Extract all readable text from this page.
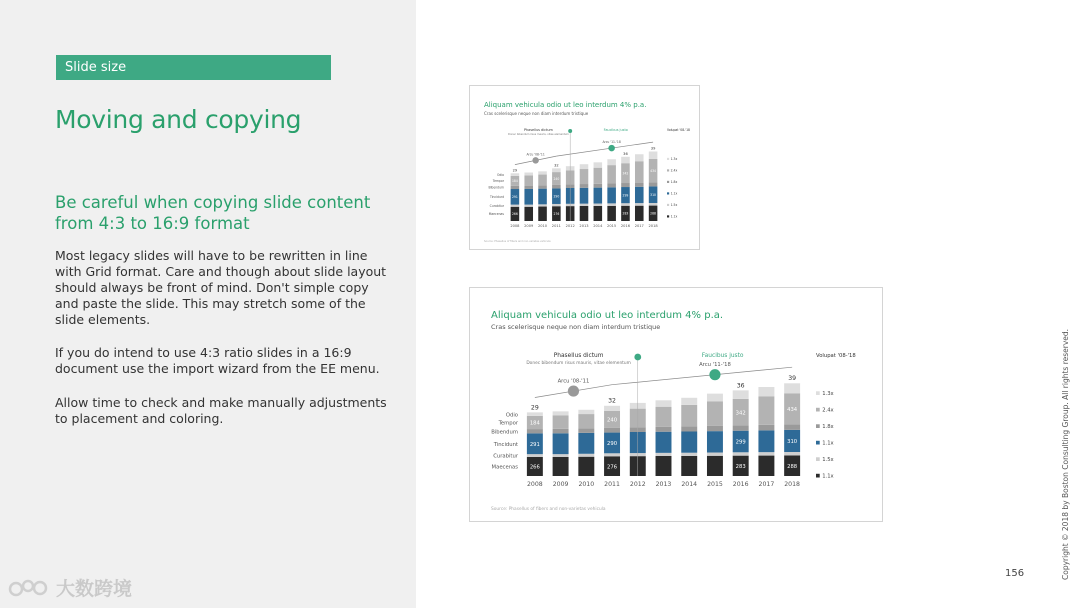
Slide size
Moving and copying
Be careful when copying slide content from 4:3 to 16:9 format
Most legacy slides will have to be rewritten in line with Grid format. Care and though about slide layout should always be front of mind. Don't simple copy and paste the slide. This may stretch some of the slide elements.
If you do intend to use 4:3 ratio slides in a 16:9 document use the import wizard from the EE menu.
Allow time to check and make manually adjustments to placement and coloring.
大数跨境
Aliquam vehicula odio ut leo interdum 4% p.a.
Cras scelerisque neque non diam interdum tristique
2008 2009 2010 2011 2012 2013 2014 2015 2016 2017 2018
29
32
36
39
266
291
184
276
290
240
283
299
342
288
310
434
Maecenas
Curabitur
Tincidunt
Bibendum
Tempor
Odio
Arcu '08-'11
Arcu '11-'18
Phasellus dictum
Donec bibendum risus mauris, vitae elementum
Faucibus justo	Volupat '08-'18
1.3x
2.4x
1.8x
1.1x
1.5x
1.1x
Source: Phasellus of fibers and non-varietas vehicula
Aliquam vehicula odio ut leo interdum 4% p.a.
Cras scelerisque neque non diam interdum tristique
2008 2009 2010 2011 2012 2013 2014 2015 2016 2017 2018
29
32
36
39
266
291
184
276
290
240
283
299
342
288
310
434
Maecenas
Curabitur
Tincidunt
Bibendum
Tempor
Odio
Arcu '08-'11
Arcu '11-'18
Phasellus dictum
Donec bibendum risus mauris, vitae elementum
Faucibus justo	Volupat '08-'18
1.3x
2.4x
1.8x
1.1x
1.5x
1.1x
Source: Phasellus of fibers and non-varietas vehicula	Copyright © 2018 by Boston Consulting Group. All rights reserved.
156
